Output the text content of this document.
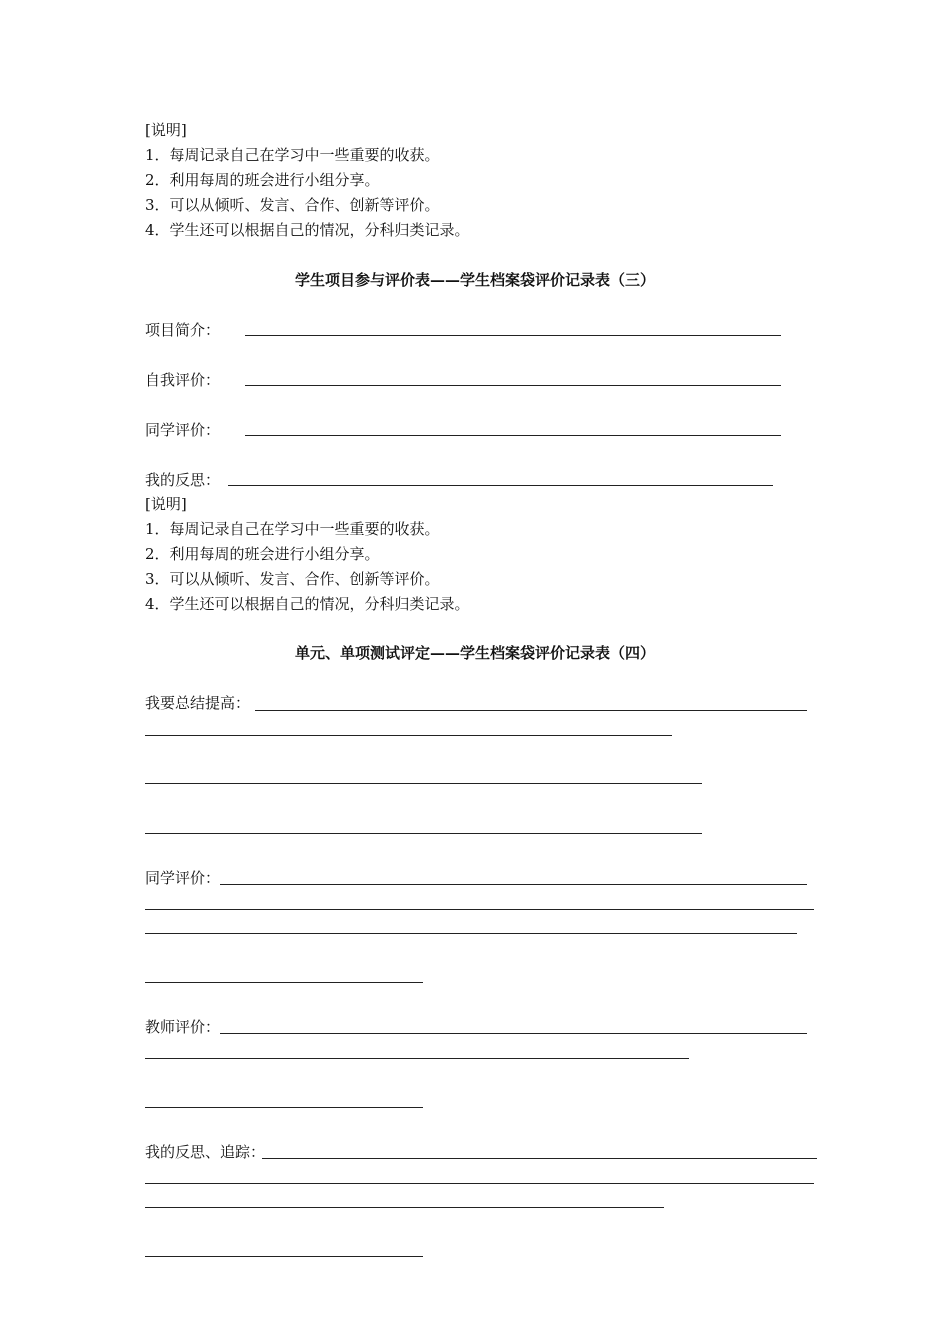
[说明]
1．每周记录自己在学习中一些重要的收获。
2．利用每周的班会进行小组分享。
3．可以从倾听、发言、合作、创新等评价。
4．学生还可以根据自己的情况，分科归类记录。
学生项目参与评价表——学生档案袋评价记录表（三）
项目简介：
自我评价：
同学评价：
我的反思：
[说明]
1．每周记录自己在学习中一些重要的收获。
2．利用每周的班会进行小组分享。
3．可以从倾听、发言、合作、创新等评价。
4．学生还可以根据自己的情况，分科归类记录。
单元、单项测试评定——学生档案袋评价记录表（四）
我要总结提高：
同学评价：
教师评价：
我的反思、追踪：
